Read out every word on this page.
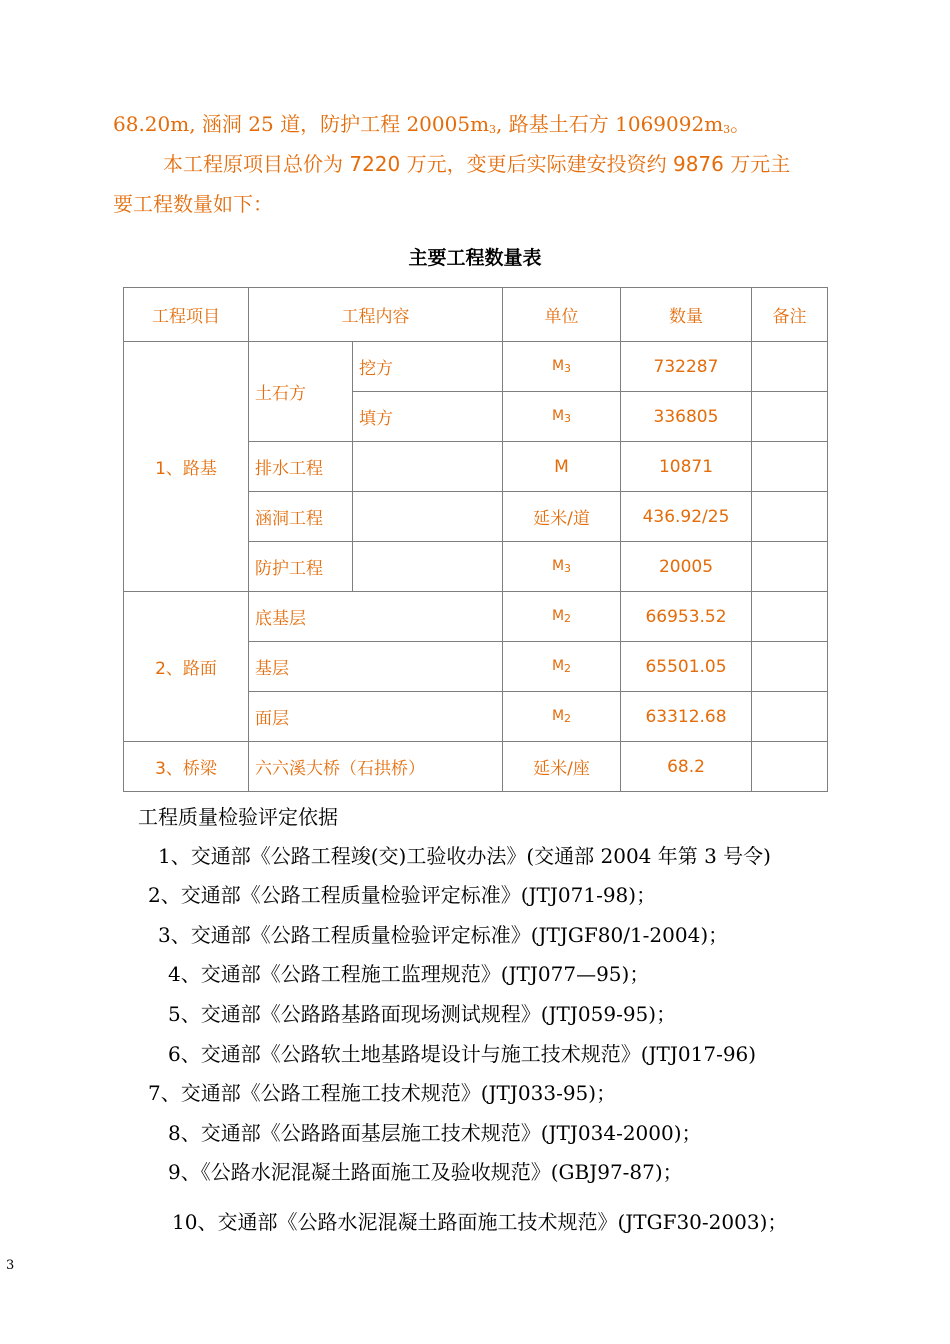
68.20m, 涵洞 25 道，防护工程 $20005m_3$, 路基土石方 $1069092m_3$。
本工程原项目总价为 7220 万元，变更后实际建安投资约 9876 万元主
要工程数量如下：
主要工程数量表
工程项目	工程内容		单位	数量	备注
1、路基	土石方	挖方	$M_3$	732287	
		填方	$M_3$	336805	
	排水工程		M	10871	
	涵洞工程		延米/道	436.92/25	
	防护工程		$M_3$	20005	
2、路面	底基层		$M_2$	66953.52	
	基层		$M_2$	65501.05	
	面层		$M_2$	63312.68	
3、桥梁	六六溪大桥（石拱桥）		延米/座	68.2	
工程质量检验评定依据
1、交通部《公路工程竣(交)工验收办法》(交通部 2004 年第 3 号令)
2、交通部《公路工程质量检验评定标准》(JTJ071-98)；
3、交通部《公路工程质量检验评定标准》(JTJGF80/1-2004)；
4、交通部《公路工程施工监理规范》(JTJ077—95)；
5、交通部《公路路基路面现场测试规程》(JTJ059-95)；
6、交通部《公路软土地基路堤设计与施工技术规范》(JTJ017-96)
7、交通部《公路工程施工技术规范》(JTJ033-95)；
8、交通部《公路路面基层施工技术规范》(JTJ034-2000)；
9、《公路水泥混凝土路面施工及验收规范》(GBJ97-87)；
10、交通部《公路水泥混凝土路面施工技术规范》(JTGF30-2003)；
3
